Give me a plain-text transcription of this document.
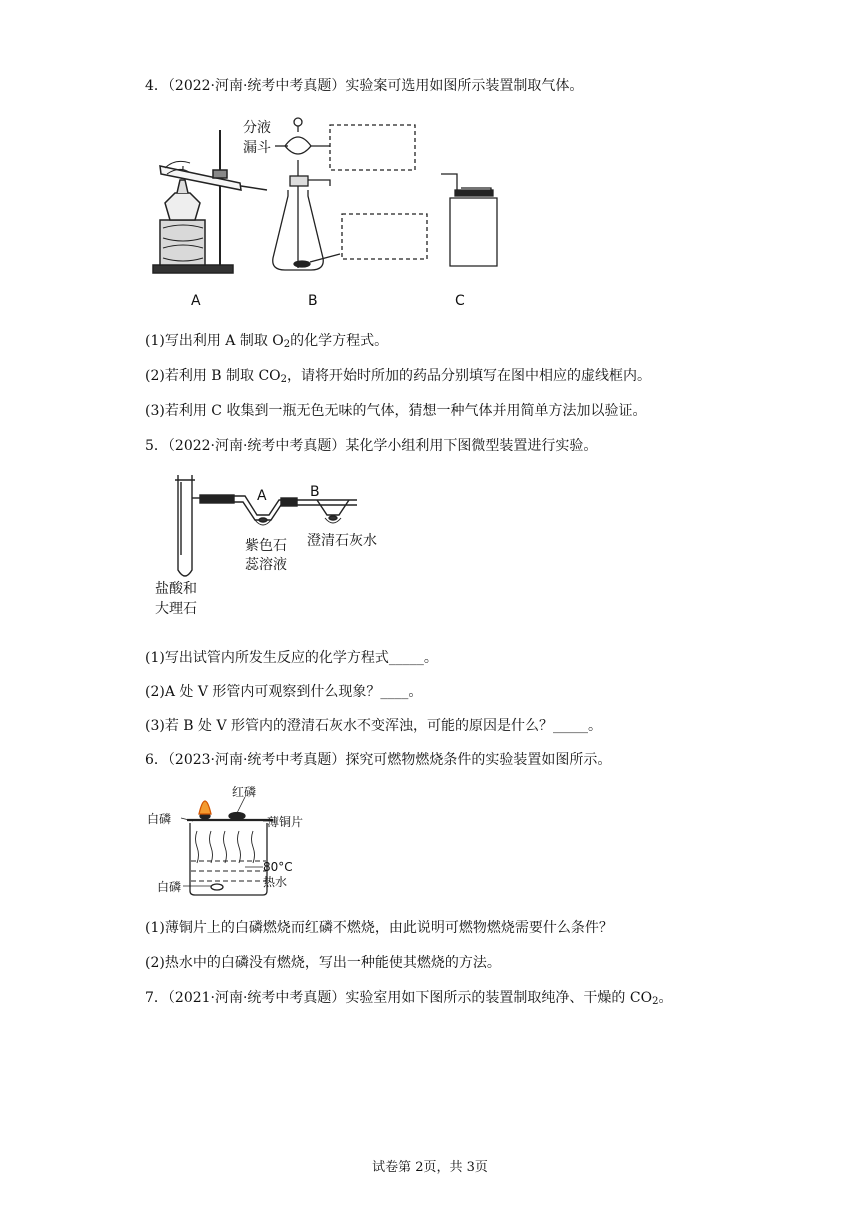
4．（2022·河南·统考中考真题）实验案可选用如图所示装置制取气体。
分液
漏斗
A	B	C
(1)写出利用 A 制取 $O_2$的化学方程式。
(2)若利用 B 制取 $CO_2$，请将开始时所加的药品分别填写在图中相应的虚线框内。
(3)若利用 C 收集到一瓶无色无味的气体，猜想一种气体并用简单方法加以验证。
5．（2022·河南·统考中考真题）某化学小组利用下图微型装置进行实验。
A	B
紫色石
蕊溶液
澄清石灰水
盐酸和
大理石
(1)写出试管内所发生反应的化学方程式_____。
(2)A 处 V 形管内可观察到什么现象？____。
(3)若 B 处 V 形管内的澄清石灰水不变浑浊，可能的原因是什么？_____。
6．（2023·河南·统考中考真题）探究可燃物燃烧条件的实验装置如图所示。
红磷
白磷	薄铜片
80°C
热水
白磷
(1)薄铜片上的白磷燃烧而红磷不燃烧，由此说明可燃物燃烧需要什么条件？
(2)热水中的白磷没有燃烧，写出一种能使其燃烧的方法。
7．（2021·河南·统考中考真题）实验室用如下图所示的装置制取纯净、干燥的 $CO_2$。
试卷第 2页，共 3页
